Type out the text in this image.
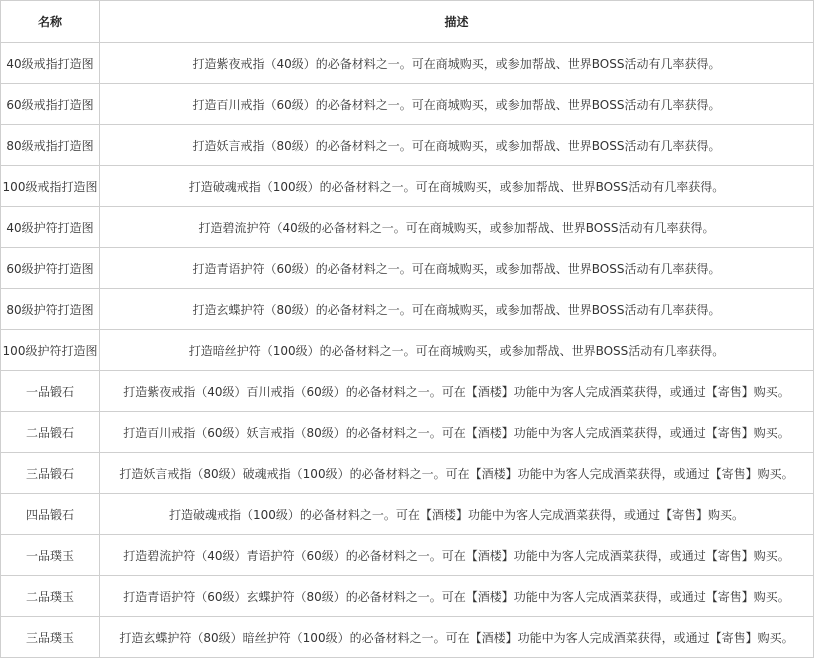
名称	描述
40级戒指打造图	打造紫夜戒指（40级）的必备材料之一。可在商城购买，或参加帮战、世界BOSS活动有几率获得。
60级戒指打造图	打造百川戒指（60级）的必备材料之一。可在商城购买，或参加帮战、世界BOSS活动有几率获得。
80级戒指打造图	打造妖言戒指（80级）的必备材料之一。可在商城购买，或参加帮战、世界BOSS活动有几率获得。
100级戒指打造图	打造破魂戒指（100级）的必备材料之一。可在商城购买，或参加帮战、世界BOSS活动有几率获得。
40级护符打造图	打造碧流护符（40级的必备材料之一。可在商城购买，或参加帮战、世界BOSS活动有几率获得。
60级护符打造图	打造青语护符（60级）的必备材料之一。可在商城购买，或参加帮战、世界BOSS活动有几率获得。
80级护符打造图	打造玄蝶护符（80级）的必备材料之一。可在商城购买，或参加帮战、世界BOSS活动有几率获得。
100级护符打造图	打造暗丝护符（100级）的必备材料之一。可在商城购买，或参加帮战、世界BOSS活动有几率获得。
一品锻石	打造紫夜戒指（40级）百川戒指（60级）的必备材料之一。可在【酒楼】功能中为客人完成酒菜获得，或通过【寄售】购买。
二品锻石	打造百川戒指（60级）妖言戒指（80级）的必备材料之一。可在【酒楼】功能中为客人完成酒菜获得，或通过【寄售】购买。
三品锻石	打造妖言戒指（80级）破魂戒指（100级）的必备材料之一。可在【酒楼】功能中为客人完成酒菜获得，或通过【寄售】购买。
四品锻石	打造破魂戒指（100级）的必备材料之一。可在【酒楼】功能中为客人完成酒菜获得，或通过【寄售】购买。
一品璞玉	打造碧流护符（40级）青语护符（60级）的必备材料之一。可在【酒楼】功能中为客人完成酒菜获得，或通过【寄售】购买。
二品璞玉	打造青语护符（60级）玄蝶护符（80级）的必备材料之一。可在【酒楼】功能中为客人完成酒菜获得，或通过【寄售】购买。
三品璞玉	打造玄蝶护符（80级）暗丝护符（100级）的必备材料之一。可在【酒楼】功能中为客人完成酒菜获得，或通过【寄售】购买。
